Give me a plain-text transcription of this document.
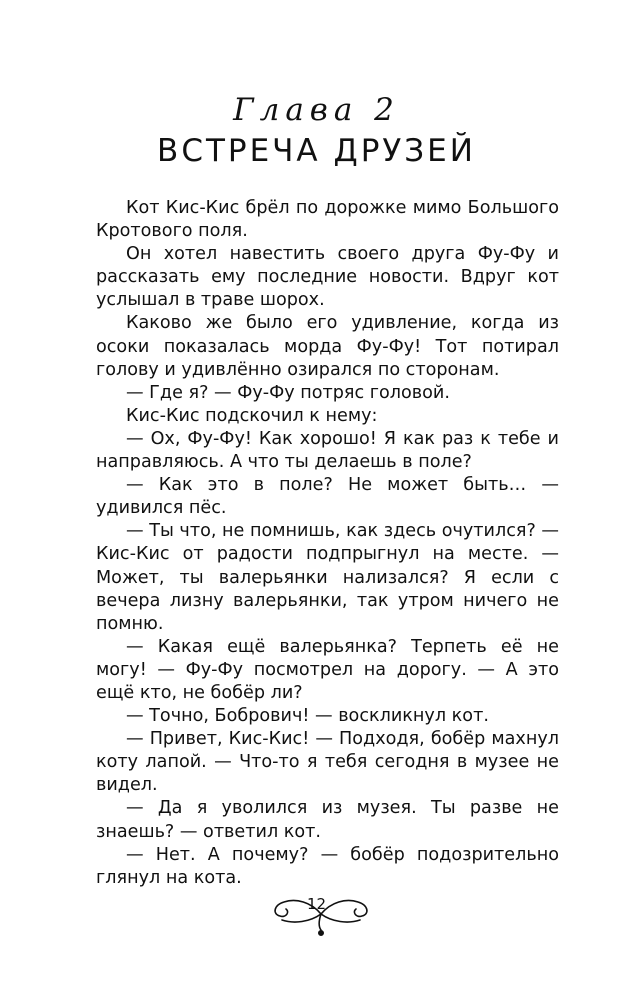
Глава 2
ВСТРЕЧА ДРУЗЕЙ

Кот Кис-Кис брёл по дорожке мимо Большого Кротового поля.

Он хотел навестить своего друга Фу-Фу и рассказать ему последние новости. Вдруг кот услышал в траве шорох.

Каково же было его удивление, когда из осоки показалась морда Фу-Фу! Тот потирал голову и удивлённо озирался по сторонам.

— Где я? — Фу-Фу потряс головой.

Кис-Кис подскочил к нему:

— Ох, Фу-Фу! Как хорошо! Я как раз к тебе и направляюсь. А что ты делаешь в поле?

— Как это в поле? Не может быть… — удивился пёс.

— Ты что, не помнишь, как здесь очутился? — Кис-Кис от радости подпрыгнул на месте. — Может, ты валерьянки нализался? Я если с вечера лизну валерьянки, так утром ничего не помню.

— Какая ещё валерьянка? Терпеть её не могу! — Фу-Фу посмотрел на дорогу. — А это ещё кто, не бобёр ли?

— Точно, Бобрович! — воскликнул кот.

— Привет, Кис-Кис! — Подходя, бобёр махнул коту лапой. — Что-то я тебя сегодня в музее не видел.

— Да я уволился из музея. Ты разве не знаешь? — ответил кот.

— Нет. А почему? — бобёр подозрительно глянул на кота.

12
